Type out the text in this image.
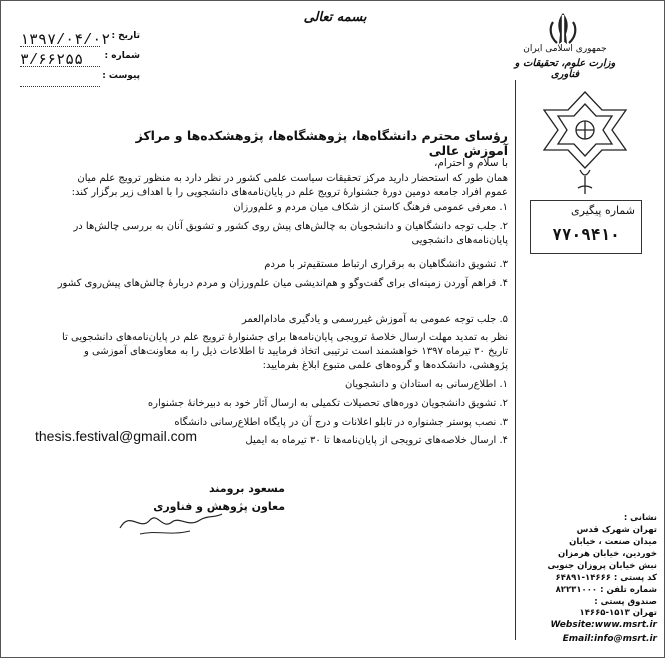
بسمه تعالی
۱۳۹۷/۰۴/۰۲ تاریخ :
۳/۶۶۲۵۵ شماره :
پیوست :
جمهوری اسلامی ایران
وزارت علوم، تحقیقات و فناوری
شماره پیگیری
۷۷۰۹۴۱۰
رؤسای محترم دانشگاه‌ها، پژوهشگاه‌ها، پژوهشکده‌ها و مراکز آموزش عالی
با سلام و احترام،
همان طور که استحضار دارید مرکز تحقیقات سیاست علمی کشور در نظر دارد به منظور ترویج علم میان عموم افراد جامعه دومین دورهٔ جشنوارهٔ ترویج علم در پایان‌نامه‌های دانشجویی را با اهداف زیر برگزار کند:
۱. معرفی عمومی فرهنگ کاستن از شکاف میان مردم و علم‌ورزان
۲. جلب توجه دانشگاهیان و دانشجویان به چالش‌های پیش روی کشور و تشویق آنان به بررسی چالش‌ها در پایان‌نامه‌های دانشجویی
۳. تشویق دانشگاهیان به برقراری ارتباط مستقیم‌تر با مردم
۴. فراهم آوردن زمینه‌ای برای گفت‌وگو و هم‌اندیشی میان علم‌ورزان و مردم دربارهٔ چالش‌های پیش‌روی کشور
۵. جلب توجه عمومی به آموزش غیررسمی و یادگیری مادام‌العمر
نظر به تمدید مهلت ارسال خلاصهٔ ترویجی پایان‌نامه‌ها برای جشنوارهٔ ترویج علم در پایان‌نامه‌های دانشجویی تا تاریخ ۳۰ تیرماه ۱۳۹۷ خواهشمند است ترتیبی اتخاذ فرمایید تا اطلاعات ذیل را به معاونت‌های آموزشی و پژوهشی، دانشکده‌ها و گروه‌های علمی متبوع ابلاغ بفرمایید:
۱. اطلاع‌رسانی به استادان و دانشجویان
۲. تشویق دانشجویان دوره‌های تحصیلات تکمیلی به ارسال آثار خود به دبیرخانهٔ جشنواره
۳. نصب پوستر جشنواره در تابلو اعلانات و درج آن در پایگاه اطلاع‌رسانی دانشگاه
۴. ارسال خلاصه‌های ترویجی از پایان‌نامه‌ها تا ۳۰ تیرماه به ایمیل
thesis.festival@gmail.com
مسعود برومند
معاون پژوهش و فناوری
نشانی :
تهران شهرک قدس
میدان صنعت ، خیابان
خوردین، خیابان هرمزان
نبش خیابان پروزان جنوبی
کد پستی : ۱۴۶۶۶-۶۴۸۹۱
شماره تلفن : ۸۲۲۳۱۰۰۰
صندوق پستی :
تهران ۱۵۱۳-۱۴۶۶۵
Website:www.msrt.ir
Email:info@msrt.ir
